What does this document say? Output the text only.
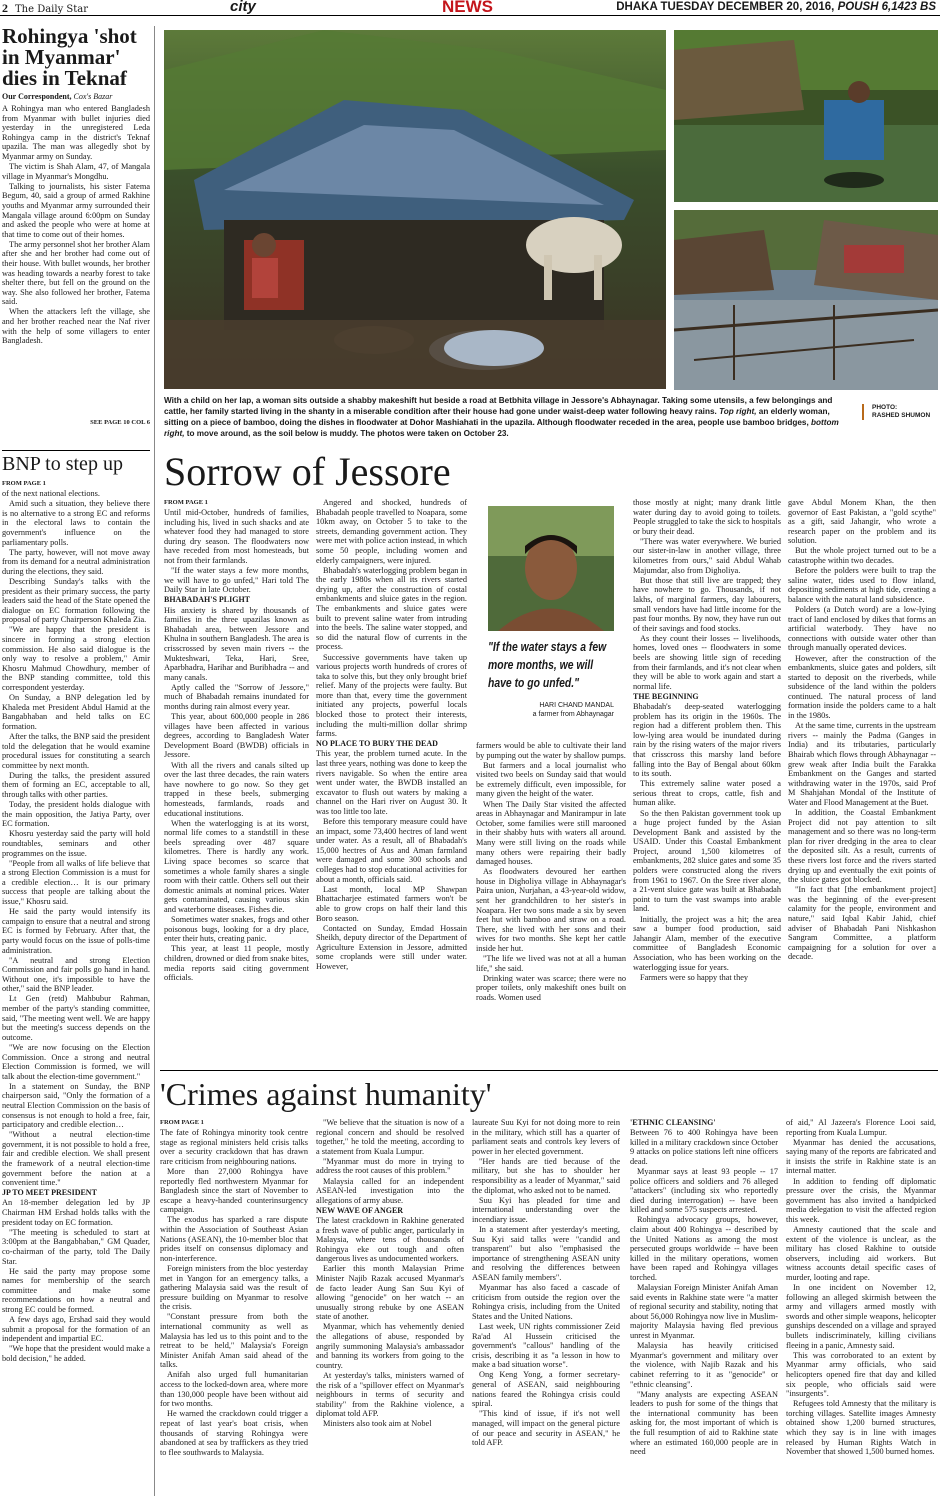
2 The Daily Star	city	NEWS	DHAKA TUESDAY DECEMBER 20, 2016, POUSH 6,1423 BS
Rohingya 'shot in Myanmar' dies in Teknaf
Our Correspondent, Cox's Bazar

A Rohingya man who entered Bangladesh from Myanmar with bullet injuries died yesterday in the unregistered Leda Rohingya camp in the district's Teknaf upazila. The man was allegedly shot by Myanmar army on Sunday.

The victim is Shah Alam, 47, of Mangala village in Myanmar's Mongdhu.

Talking to journalists, his sister Fatema Begum, 40, said a group of armed Rakhine youths and Myanmar army surrounded their Mangala village around 6:00pm on Sunday and asked the people who were at home at that time to come out of their homes.

The army personnel shot her brother Alam after she and her brother had come out of their house. With bullet wounds, her brother was heading towards a nearby forest to take shelter there, but fell on the ground on the way. She also followed her brother, Fatema said.

When the attackers left the village, she and her brother reached near the Naf river with the help of some villagers to enter Bangladesh.

SEE PAGE 10 COL 6
BNP to step up

FROM PAGE 1

of the next national elections.

Amid such a situation, they believe there is no alternative to a strong EC and reforms in the electoral laws to contain the government's influence on the parliamentary polls.

The party, however, will not move away from its demand for a neutral administration during the elections, they said.

Describing Sunday's talks with the president as their primary success, the party leaders said the head of the State opened the dialogue on EC formation following the proposal of party Chairperson Khaleda Zia.

"We are happy that the president is sincere in forming a strong election commission. He also said dialogue is the only way to resolve a problem," Amir Khosru Mahmud Chowdhury, member of the BNP standing committee, told this correspondent yesterday.

On Sunday, a BNP delegation led by Khaleda met President Abdul Hamid at the Bangabhaban and held talks on EC formation.

After the talks, the BNP said the president told the delegation that he would examine procedural issues for constituting a search committee by next month.

During the talks, the president assured them of forming an EC, acceptable to all, through talks with other parties.

Today, the president holds dialogue with the main opposition, the Jatiya Party, over EC formation.

Khosru yesterday said the party will hold roundtables, seminars and other programmes on the issue.

"People from all walks of life believe that a strong Election Commission is a must for a credible election… It is our primary success that people are talking about the issue," Khosru said.

He said the party would intensify its campaign to ensure that a neutral and strong EC is formed by February. After that, the party would focus on the issue of polls-time administration.

"A neutral and strong Election Commission and fair polls go hand in hand. Without one, it's impossible to have the other," said the BNP leader.

Lt Gen (retd) Mahbubur Rahman, member of the party's standing committee, said, "The meeting went well. We are happy but the meeting's success depends on the outcome.

"We are now focusing on the Election Commission. Once a strong and neutral Election Commission is formed, we will talk about the election-time government."

In a statement on Sunday, the BNP chairperson said, "Only the formation of a neutral Election Commission on the basis of consensus is not enough to hold a free, fair, participatory and credible election…

"Without a neutral election-time government, it is not possible to hold a free, fair and credible election. We shall present the framework of a neutral election-time government before the nation at a convenient time."

JP TO MEET PRESIDENT

An 18-member delegation led by JP Chairman HM Ershad holds talks with the president today on EC formation.

"The meeting is scheduled to start at 3:00pm at the Bangabhaban," GM Quader, co-chairman of the party, told The Daily Star.

He said the party may propose some names for membership of the search committee and make some recommendations on how a neutral and strong EC could be formed.

A few days ago, Ershad said they would submit a proposal for the formation of an independent and impartial EC.

"We hope that the president would make a bold decision," he added.

With a child on her lap, a woman sits outside a shabby makeshift hut beside a road at Betbhita village in Jessore's Abhaynagar. Taking some utensils, a few belongings and cattle, her family started living in the shanty in a miserable condition after their house had gone under waist-deep water following heavy rains. Top right, an elderly woman, sitting on a piece of bamboo, doing the dishes in floodwater at Dohor Mashiahati in the upazila. Although floodwater receded in the area, people use bamboo bridges, bottom right, to move around, as the soil below is muddy. The photos were taken on October 23.
PHOTO:
RASHED SHUMON
Sorrow of Jessore

FROM PAGE 1

Until mid-October, hundreds of families, including his, lived in such shacks and ate whatever food they had managed to store during dry season. The floodwaters now have receded from most homesteads, but not from their farmlands.

"If the water stays a few more months, we will have to go unfed," Hari told The Daily Star in late October.

BHABADAH'S PLIGHT

His anxiety is shared by thousands of families in the three upazilas known as Bhabadah area, between Jessore and Khulna in southern Bangladesh. The area is crisscrossed by seven main rivers -- the Mukteshwari, Teka, Hari, Sree, Aparbhadra, Harihar and Buribhadra -- and many canals.

Aptly called the "Sorrow of Jessore," much of Bhabadah remains inundated for months during rain almost every year.

This year, about 600,000 people in 286 villages have been affected in various degrees, according to Bangladesh Water Development Board (BWDB) officials in Jessore.

With all the rivers and canals silted up over the last three decades, the rain waters have nowhere to go now. So they get trapped in these beels, submerging homesteads, farmlands, roads and educational institutions.

When the waterlogging is at its worst, normal life comes to a standstill in these beels spreading over 487 square kilometres. There is hardly any work. Living space becomes so scarce that sometimes a whole family shares a single room with their cattle. Others sell out their domestic animals at nominal prices. Water gets contaminated, causing various skin and waterborne diseases. Fishes die.

Sometimes water snakes, frogs and other poisonous bugs, looking for a dry place, enter their huts, creating panic.

This year, at least 11 people, mostly children, drowned or died from snake bites, media reports said citing government officials.

Angered and shocked, hundreds of Bhabadah people travelled to Noapara, some 10km away, on October 5 to take to the streets, demanding government action. They were met with police action instead, in which some 50 people, including women and elderly campaigners, were injured.

Bhabadah's waterlogging problem began in the early 1980s when all its rivers started drying up, after the construction of costal embankments and sluice gates in the region. The embankments and sluice gates were built to prevent saline water from intruding into the beels. The saline water stopped, and so did the natural flow of currents in the process.

Successive governments have taken up various projects worth hundreds of crores of taka to solve this, but they only brought brief relief. Many of the projects were faulty. But more than that, every time the government initiated any projects, powerful locals blocked those to protect their interests, including the multi-million dollar shrimp farms.

NO PLACE TO BURY THE DEAD

This year, the problem turned acute. In the last three years, nothing was done to keep the rivers navigable. So when the entire area went under water, the BWDB installed an excavator to flush out waters by making a channel on the Hari river on August 30. It was too little too late.

Before this temporary measure could have an impact, some 73,400 hectres of land went under water. As a result, all of Bhabadah's 15,000 hectres of Aus and Aman farmland were damaged and some 300 schools and colleges had to stop educational activities for about a month, officials said.

Last month, local MP Shawpan Bhattacharjee estimated farmers won't be able to grow crops on half their land this Boro season.

Contacted on Sunday, Emdad Hossain Sheikh, deputy director of the Department of Agriculture Extension in Jessore, admitted some croplands were still under water. However,

"If the water stays a few more months, we will have to go unfed."
HARI CHAND MANDAL
a farmer from Abhaynagar

farmers would be able to cultivate their land by pumping out the water by shallow pumps.

But farmers and a local journalist who visited two beels on Sunday said that would be extremely difficult, even impossible, for many given the height of the water.

When The Daily Star visited the affected areas in Abhaynagar and Manirampur in late October, some families were still marooned in their shabby huts with waters all around. Many were still living on the roads while many others were repairing their badly damaged houses.

As floodwaters devoured her earthen house in Digholiya village in Abhaynagar's Paira union, Nurjahan, a 43-year-old widow, sent her grandchildren to her sister's in Noapara. Her two sons made a six by seven feet hut with bamboo and straw on a road. There, she lived with her sons and their wives for two months. She kept her cattle inside her hut.

"The life we lived was not at all a human life," she said.

Drinking water was scarce; there were no proper toilets, only makeshift ones built on roads. Women used

those mostly at night; many drank little water during day to avoid going to toilets. People struggled to take the sick to hospitals or bury their dead.

"There was water everywhere. We buried our sister-in-law in another village, three kilometres from ours," said Abdul Wahab Majumdar, also from Digholiya.

But those that still live are trapped; they have nowhere to go. Thousands, if not lakhs, of marginal farmers, day labourers, small vendors have had little income for the past four months. By now, they have run out of their savings and food stocks.

As they count their losses -- livelihoods, homes, loved ones -- floodwaters in some beels are showing little sign of receding from their farmlands, and it's not clear when they will be able to work again and start a normal life.

THE BEGINNING

Bhabadah's deep-seated waterlogging problem has its origin in the 1960s. The region had a different problem then. This low-lying area would be inundated during rain by the rising waters of the major rivers that crisscross this marshy land before falling into the Bay of Bengal about 60km to its south.

This extremely saline water posed a serious threat to crops, cattle, fish and human alike.

So the then Pakistan government took up a huge project funded by the Asian Development Bank and assisted by the USAID. Under this Coastal Embankment Project, around 1,500 kilometres of embankments, 282 sluice gates and some 35 polders were constructed along the rivers from 1961 to 1967. On the Sree river alone, a 21-vent sluice gate was built at Bhabadah point to turn the vast swamps into arable land.

Initially, the project was a hit; the area saw a bumper food production, said Jahangir Alam, member of the executive committee of Bangladesh Economic Association, who has been working on the waterlogging issue for years.

Farmers were so happy that they

gave Abdul Monem Khan, the then governor of East Pakistan, a "gold scythe" as a gift, said Jahangir, who wrote a research paper on the problem and its solution.

But the whole project turned out to be a catastrophe within two decades.

Before the polders were built to trap the saline water, tides used to flow inland, depositing sediments at high tide, creating a balance with the natural land subsidence.

Polders (a Dutch word) are a low-lying tract of land enclosed by dikes that forms an artificial waterbody. They have no connections with outside water other than through manually operated devices.

However, after the construction of the embankments, sluice gates and polders, silt started to deposit on the riverbeds, while subsidence of the land within the polders continued. The natural process of land formation inside the polders came to a halt in the 1980s.

At the same time, currents in the upstream rivers -- mainly the Padma (Ganges in India) and its tributaries, particularly Bhairab which flows through Abhaynagar -- grew weak after India built the Farakka Embankment on the Ganges and started withdrawing water in the 1970s, said Prof M Shahjahan Mondal of the Institute of Water and Flood Management at the Buet.

In addition, the Coastal Embankment Project did not pay attention to silt management and so there was no long-term plan for river dredging in the area to clear the deposited silt. As a result, currents of these rivers lost force and the rivers started drying up and eventually the exit points of the sluice gates got blocked.

"In fact that [the embankment project] was the beginning of the ever-present calamity for the people, environment and nature," said Iqbal Kabir Jahid, chief adviser of Bhabadah Pani Nishkashon Sangram Committee, a platform campaigning for a solution for over a decade.

'Crimes against humanity'

FROM PAGE 1

The fate of Rohingya minority took centre stage as regional ministers held crisis talks over a security crackdown that has drawn rare criticism from neighbouring nations.

More than 27,000 Rohingya have reportedly fled northwestern Myanmar for Bangladesh since the start of November to escape a heavy-handed counterinsurgency campaign.

The exodus has sparked a rare dispute within the Association of Southeast Asian Nations (ASEAN), the 10-member bloc that prides itself on consensus diplomacy and non-interference.

Foreign ministers from the bloc yesterday met in Yangon for an emergency talks, a gathering Malaysia said was the result of pressure building on Myanmar to resolve the crisis.

"Constant pressure from both the international community as well as Malaysia has led us to this point and to the retreat to be held," Malaysia's Foreign Minister Anifah Aman said ahead of the talks.

Anifah also urged full humanitarian access to the locked-down area, where more than 130,000 people have been without aid for two months.

He warned the crackdown could trigger a repeat of last year's boat crisis, when thousands of starving Rohingya were abandoned at sea by traffickers as they tried to flee southwards to Malaysia.

"We believe that the situation is now of a regional concern and should be resolved together," he told the meeting, according to a statement from Kuala Lumpur.

"Myanmar must do more in trying to address the root causes of this problem."

Malaysia called for an independent ASEAN-led investigation into the allegations of army abuse.

NEW WAVE OF ANGER

The latest crackdown in Rakhine generated a fresh wave of public anger, particularly in Malaysia, where tens of thousands of Rohingya eke out tough and often dangerous lives as undocumented workers.

Earlier this month Malaysian Prime Minister Najib Razak accused Myanmar's de facto leader Aung San Suu Kyi of allowing "genocide" on her watch -- an unusually strong rebuke by one ASEAN state of another.

Myanmar, which has vehemently denied the allegations of abuse, responded by angrily summoning Malaysia's ambassador and banning its workers from going to the country.

At yesterday's talks, ministers warned of the risk of a "spillover effect on Myanmar's neighbours in terms of security and stability" from the Rakhine violence, a diplomat told AFP.

Ministers also took aim at Nobel

laureate Suu Kyi for not doing more to rein in the military, which still has a quarter of parliament seats and controls key levers of power in her elected government.

"Her hands are tied because of the military, but she has to shoulder her responsibility as a leader of Myanmar," said the diplomat, who asked not to be named.

Suu Kyi has pleaded for time and international understanding over the incendiary issue.

In a statement after yesterday's meeting, Suu Kyi said talks were "candid and transparent" but also "emphasised the importance of strengthening ASEAN unity and resolving the differences between ASEAN family members".

Myanmar has also faced a cascade of criticism from outside the region over the Rohingya crisis, including from the United States and the United Nations.

Last week, UN rights commissioner Zeid Ra'ad Al Hussein criticised the government's "callous" handling of the crisis, describing it as "a lesson in how to make a bad situation worse".

Ong Keng Yong, a former secretary-general of ASEAN, said neighbouring nations feared the Rohingya crisis could spiral.

"This kind of issue, if it's not well managed, will impact on the general picture of our peace and security in ASEAN," he told AFP.

'ETHNIC CLEANSING'

Between 76 to 400 Rohingya have been killed in a military crackdown since October 9 attacks on police stations left nine officers dead.

Myanmar says at least 93 people -- 17 police officers and soldiers and 76 alleged "attackers" (including six who reportedly died during interrogation) -- have been killed and some 575 suspects arrested.

Rohingya advocacy groups, however, claim about 400 Rohingya -- described by the United Nations as among the most persecuted groups worldwide -- have been killed in the military operations, women have been raped and Rohingya villages torched.

Malaysian Foreign Minister Anifah Aman said events in Rakhine state were "a matter of regional security and stability, noting that about 56,000 Rohingya now live in Muslim-majority Malaysia having fled previous unrest in Myanmar.

Malaysia has heavily criticised Myanmar's government and military over the violence, with Najib Razak and his cabinet referring to it as "genocide" or "ethnic cleansing".

"Many analysts are expecting ASEAN leaders to push for some of the things that the international community has been asking for, the most important of which is the full resumption of aid to Rakhine state where an estimated 160,000 people are in need

of aid," Al Jazeera's Florence Looi said, reporting from Kuala Lumpur.

Myanmar has denied the accusations, saying many of the reports are fabricated and it insists the strife in Rakhine state is an internal matter.

In addition to fending off diplomatic pressure over the crisis, the Myanmar government has also invited a handpicked media delegation to visit the affected region this week.

Amnesty cautioned that the scale and extent of the violence is unclear, as the military has closed Rakhine to outside observers, including aid workers. But witness accounts detail specific cases of murder, looting and rape.

In one incident on November 12, following an alleged skirmish between the army and villagers armed mostly with swords and other simple weapons, helicopter gunships descended on a village and sprayed bullets indiscriminately, killing civilians fleeing in a panic, Amnesty said.

This was corroborated to an extent by Myanmar army officials, who said helicopters opened fire that day and killed six people, who officials said were "insurgents".

Refugees told Amnesty that the military is torching villages. Satellite images Amnesty obtained show 1,200 burned structures, which they say is in line with images released by Human Rights Watch in November that showed 1,500 burned homes.
